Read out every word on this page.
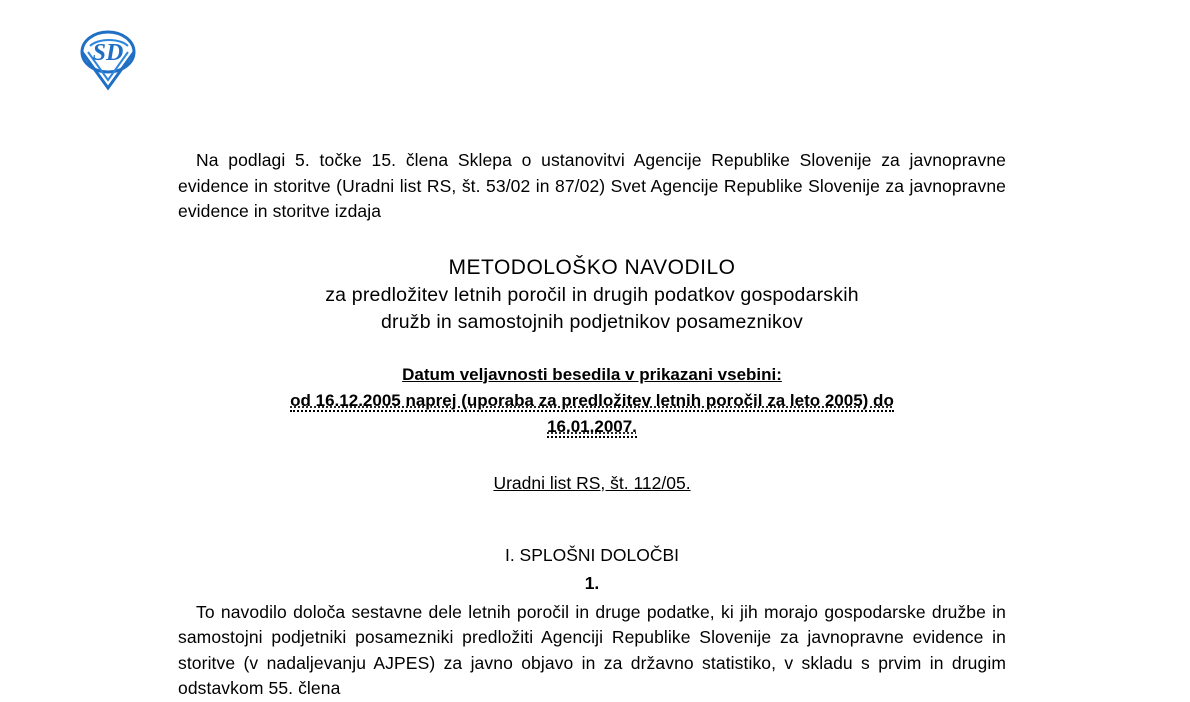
SD

Na podlagi 5. točke 15. člena Sklepa o ustanovitvi Agencije Republike Slovenije za javnopravne evidence in storitve (Uradni list RS, št. 53/02 in 87/02) Svet Agencije Republike Slovenije za javnopravne evidence in storitve izdaja

METODOLOŠKO NAVODILO

za predložitev letnih poročil in drugih podatkov gospodarskih

družb in samostojnih podjetnikov posameznikov

Datum veljavnosti besedila v prikazani vsebini:

od 16.12.2005 naprej (uporaba za predložitev letnih poročil za leto 2005) do

16.01.2007.

Uradni list RS, št. 112/05.

I. SPLOŠNI DOLOČBI

1.

To navodilo določa sestavne dele letnih poročil in druge podatke, ki jih morajo gospodarske družbe in samostojni podjetniki posamezniki predložiti Agenciji Republike Slovenije za javnopravne evidence in storitve (v nadaljevanju AJPES) za javno objavo in za državno statistiko, v skladu s prvim in drugim odstavkom 55. člena
